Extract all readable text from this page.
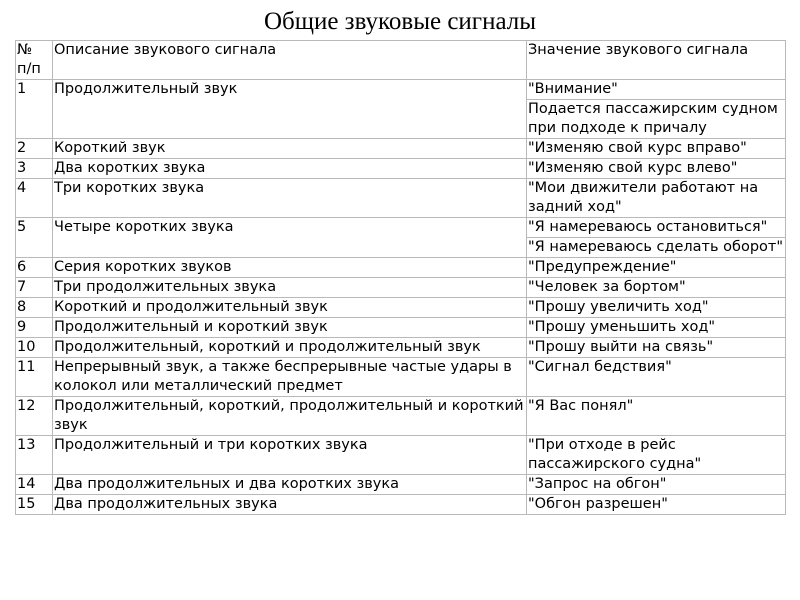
Общие звуковые сигналы
№ п/п	Описание звукового сигнала	Значение звукового сигнала
1	Продолжительный звук	"Внимание"
		Подается пассажирским судном при подходе к причалу
2	Короткий звук	"Изменяю свой курс вправо"
3	Два коротких звука	"Изменяю свой курс влево"
4	Три коротких звука	"Мои движители работают на задний ход"
5	Четыре коротких звука	"Я намереваюсь остановиться"
		"Я намереваюсь сделать оборот"
6	Серия коротких звуков	"Предупреждение"
7	Три продолжительных звука	"Человек за бортом"
8	Короткий и продолжительный звук	"Прошу увеличить ход"
9	Продолжительный и короткий звук	"Прошу уменьшить ход"
10	Продолжительный, короткий и продолжительный звук	"Прошу выйти на связь"
11	Непрерывный звук, а также беспрерывные частые удары в колокол или металлический предмет	"Сигнал бедствия"
12	Продолжительный, короткий, продолжительный и короткий звук	"Я Вас понял"
13	Продолжительный и три коротких звука	"При отходе в рейс пассажирского судна"
14	Два продолжительных и два коротких звука	"Запрос на обгон"
15	Два продолжительных звука	"Обгон разрешен"
